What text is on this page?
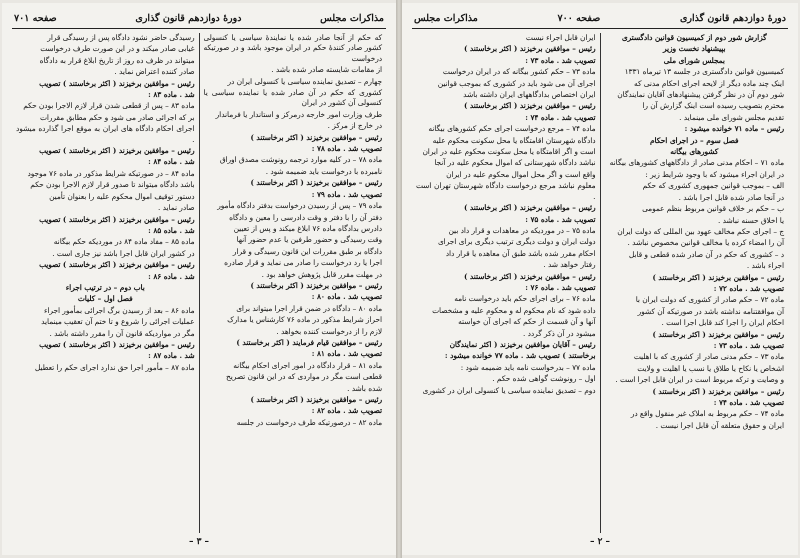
مذاکرات مجلس
دورهٔ دوازدهم قانون گذاری
صفحه ۷۰۱

که حکم از آنجا صادر شده یا نمایندهٔ سیاسی یا کنسولی کشور صادر کنندهٔ حکم در ایران موجود باشد و در صورتیکه درخواست

از مقامات شایسته صادر شده باشد .

چهارم – تصدیق نماینده سیاسی یا کنسولی ایران در

کشوری که حکم در آن صادر شده یا نماینده سیاسی یا کنسولی آن کشور در ایران

طرف وزارت امور خارجه درمرکز و استاندار یا فرماندار

در خارج از مرکز .

رئیس – موافقین برخیزند ( اکثر برخاستند )

تصویب شد . ماده ۷۸ :

ماده ۷۸ – در کلیه موارد ترجمه رونوشت مصدق اوراق

نامبرده با درخواست باید ضمیمه شود .

رئیس – موافقین برخیزند ( اکثر برخاستند )

تصویب شد . ماده ۷۹ :

ماده ۷۹ – پس از رسیدن درخواست بدفتر دادگاه مأمور

دفتر آن را با دفتر و وقت دادرسی را معین و دادگاه

دادرس بدادگاه ماده ۷۶ ابلاغ میکند و پس از تعیین

وقت رسیدگی و حضور طرفین یا عدم حضور آنها

دادگاه بر طبق مقررات این قانون رسیدگی و قرار

اجرا یا رد درخواست را صادر می نماید و قرار صادره

در مهلت مقرر قابل پژوهش خواهد بود .

رئیس – موافقین برخیزند ( اکثر برخاستند )

تصویب شد . ماده ۸۰ :

ماده ۸۰ – دادگاه در ضمن قرار اجرا میتواند برای

احراز شرایط مذکور در ماده ۷۶ کارشناس یا مدارک

لازم را از درخواست کننده بخواهد .

رئیس – موافقین قیام فرمایند ( اکثر برخاستند )

تصویب شد . ماده ۸۱ :

ماده ۸۱ – قرار دادگاه در امور اجرای احکام بیگانه

قطعی است مگر در مواردی که در این قانون تصریح

شده باشد .

رئیس – موافقین برخیزند ( اکثر برخاستند )

تصویب شد . ماده ۸۲ :

ماده ۸۲ – درصورتیکه طرف درخواست در جلسه

رسیدگی حاضر نشود دادگاه پس از رسیدگی قرار

غیابی صادر میکند و در این صورت طرف درخواست

میتواند در ظرف ده روز از تاریخ ابلاغ قرار به دادگاه

صادر کننده اعتراض نماید .

رئیس – موافقین برخیزند ( اکثر برخاستند ) تصویب

شد . ماده ۸۳ :

ماده ۸۳ – پس از قطعی شدن قرار لازم الاجرا بودن حکم

بر که اجرائی صادر می شود و حکم مطابق مقررات

اجرای احکام دادگاه های ایران به موقع اجرا گذارده میشود .

رئیس – موافقین برخیزند ( اکثر برخاستند ) تصویب

شد . ماده ۸۴ :

ماده ۸۴ – در صورتیکه شرایط مذکور در ماده ۷۶ موجود

باشد دادگاه میتواند تا صدور قرار لازم الاجرا بودن حکم

دستور توقیف اموال محکوم علیه را بعنوان تأمین

صادر نماید .

رئیس – موافقین برخیزند ( اکثر برخاستند ) تصویب

شد . ماده ۸۵ :

ماده ۸۵ – مفاد ماده ۸۴ در موردیکه حکم بیگانه

در کشور ایران قابل اجرا باشد نیز جاری است .

رئیس – موافقین برخیزند ( اکثر برخاستند ) تصویب

شد . ماده ۸۶ :

باب دوم – در ترتیب اجراء

فصل اول – کلیات

ماده ۸۶ – بعد از رسیدن برگ اجرائی بمأمور اجراء

عملیات اجرائی را شروع و تا ختم آن تعقیب مینماید

مگر در مواردیکه قانون آن را مقرر داشته باشد .

رئیس – موافقین برخیزند ( اکثر برخاستند ) تصویب

شد . ماده ۸۷ :

ماده ۸۷ – مأمور اجرا حق ندارد اجرای حکم را تعطیل

– ۳ –
دورهٔ دوازدهم قانون گذاری
صفحه ۷۰۰
مذاکرات مجلس

گزارش شور دوم از کمیسیون قوانین دادگستری

بپیشنهاد نخست وزیر

بمجلس شورای ملی

کمیسیون قوانین دادگستری در جلسه ۱۳ تیرماه ۱۳۳۱

اینک چند ماده دیگر از لایحه اجرای احکام مدنی که

شور دوم آن در نظر گرفتن پیشنهادهای آقایان نمایندگان

محترم بتصویب رسیده است اینک گزارش آن را

تقدیم مجلس شورای ملی مینماید .

رئیس – ماده ۷۱ خوانده میشود :

فصل سوم – در اجرای احکام

کشورهای بیگانه

ماده ۷۱ – احکام مدنی صادر از دادگاههای کشورهای بیگانه

در ایران اجراء میشود که با وجود شرایط زیر :

الف – بموجب قوانین جمهوری کشوری که حکم

در آنجا صادر شده قابل اجرا باشد .

ب – حکم بر خلاف قوانین مربوط بنظم عمومی

یا اخلاق حسنه نباشد .

ج – اجرای حکم مخالف عهود بین المللی که دولت ایران

آن را امضاء کرده یا مخالف قوانین مخصوص نباشد .

د – کشوری که حکم در آن صادر شده قطعی و قابل

اجراء باشد .

رئیس – موافقین برخیزند ( اکثر برخاستند )

تصویب شد . ماده ۷۲ :

ماده ۷۲ – حکم صادر از کشوری که دولت ایران با

آن موافقتنامه نداشته باشد در صورتیکه آن کشور

احکام ایران را اجرا کند قابل اجرا است .

رئیس – موافقین برخیزند ( اکثر برخاستند )

تصویب شد . ماده ۷۳ :

ماده ۷۳ – حکم مدنی صادر از کشوری که با اهلیت

اشخاص یا نکاح یا طلاق یا نسب یا اهلیت و ولایت

و وصایت و ترکه مربوط است در ایران قابل اجرا است .

رئیس – موافقین برخیزند ( اکثر برخاستند )

تصویب شد . ماده ۷۴ :

ماده ۷۴ – حکم مربوط به املاک غیر منقول واقع در

ایران و حقوق متعلقه آن قابل اجرا نیست .

ایران قابل اجراء نیست

رئیس – موافقین برخیزند ( اکثر برخاستند )

تصویب شد . ماده ۷۳ :

ماده ۷۳ – حکم کشور بیگانه که در ایران درخواست

اجرای آن می شود باید در کشوری که بموجب قوانین

ایران اختصاص بدادگاههای ایران داشته باشد

رئیس – موافقین برخیزند ( اکثر برخاستند )

تصویب شد . ماده ۷۴ :

ماده ۷۴ – مرجع درخواست اجرای حکم کشورهای بیگانه

دادگاه شهرستان اقامتگاه یا محل سکونت محکوم علیه

است و اگر اقامتگاه یا محل سکونت محکوم علیه در ایران

نباشد دادگاه شهرستانی که اموال محکوم علیه در آنجا

واقع است و اگر محل اموال محکوم علیه در ایران

معلوم نباشد مرجع درخواست دادگاه شهرستان تهران است .

رئیس – موافقین برخیزند ( اکثر برخاستند )

تصویب شد . ماده ۷۵ :

ماده ۷۵ – در موردیکه در معاهدات و قرار داد بین

دولت ایران و دولت دیگری ترتیب دیگری برای اجرای

احکام مقرر شده باشد طبق آن معاهده یا قرار داد

رفتار خواهد شد .

رئیس – موافقین برخیزند ( اکثر برخاستند )

تصویب شد . ماده ۷۶ :

ماده ۷۶ – برای اجرای حکم باید درخواست نامه

داده شود که نام محکوم له و محکوم علیه و مشخصات

آنها و آن قسمت از حکم که اجرای آن خواسته

میشود در آن ذکر گردد .

رئیس – آقایان موافقین برخیزند ( اکثر نمایندگان

برخاستند ) تصویب شد . ماده ۷۷ خوانده میشود :

ماده ۷۷ – بدرخواست نامه باید ضمیمه شود :

اول – رونوشت گواهی شده حکم .

دوم – تصدیق نماینده سیاسی یا کنسولی ایران در کشوری

– ۲ –
